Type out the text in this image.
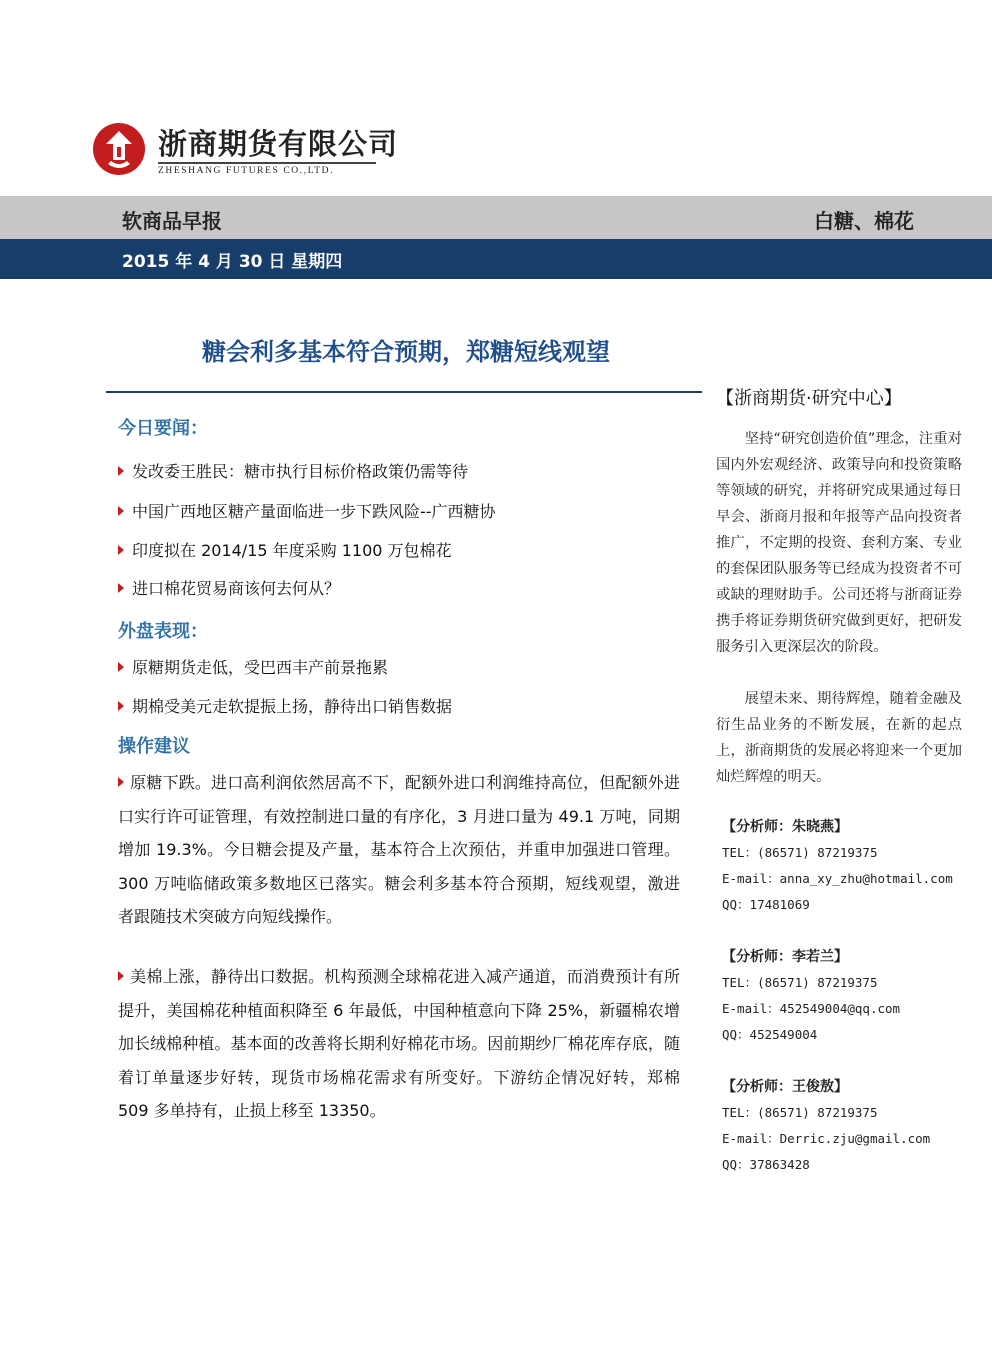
浙商期货有限公司
ZHESHANG FUTURES CO.,LTD.
软商品早报	白糖、棉花
2015 年 4 月 30 日 星期四
糖会利多基本符合预期，郑糖短线观望
今日要闻：
发改委王胜民：糖市执行目标价格政策仍需等待
中国广西地区糖产量面临进一步下跌风险--广西糖协
印度拟在 2014/15 年度采购 1100 万包棉花
进口棉花贸易商该何去何从？
外盘表现：
原糖期货走低，受巴西丰产前景拖累
期棉受美元走软提振上扬，静待出口销售数据
操作建议
原糖下跌。进口高利润依然居高不下，配额外进口利润维持高位，但配额外进口实行许可证管理，有效控制进口量的有序化，3 月进口量为 49.1 万吨，同期增加 19.3%。今日糖会提及产量，基本符合上次预估，并重申加强进口管理。300 万吨临储政策多数地区已落实。糖会利多基本符合预期，短线观望，激进者跟随技术突破方向短线操作。
美棉上涨，静待出口数据。机构预测全球棉花进入减产通道，而消费预计有所提升，美国棉花种植面积降至 6 年最低，中国种植意向下降 25%，新疆棉农增加长绒棉种植。基本面的改善将长期利好棉花市场。因前期纱厂棉花库存底，随着订单量逐步好转，现货市场棉花需求有所变好。下游纺企情况好转，郑棉 509 多单持有，止损上移至 13350。
【浙商期货·研究中心】
坚持“研究创造价值”理念，注重对国内外宏观经济、政策导向和投资策略等领域的研究，并将研究成果通过每日早会、浙商月报和年报等产品向投资者推广，不定期的投资、套利方案、专业的套保团队服务等已经成为投资者不可或缺的理财助手。公司还将与浙商证券携手将证券期货研究做到更好，把研发服务引入更深层次的阶段。
展望未来、期待辉煌，随着金融及衍生品业务的不断发展，在新的起点上，浙商期货的发展必将迎来一个更加灿烂辉煌的明天。
【分析师：朱晓燕】
TEL：(86571) 87219375
E-mail：anna_xy_zhu@hotmail.com
QQ：17481069
【分析师：李若兰】
TEL：(86571) 87219375
E-mail：452549004@qq.com
QQ：452549004
【分析师：王俊敖】
TEL：(86571) 87219375
E-mail：Derric.zju@gmail.com
QQ：37863428
